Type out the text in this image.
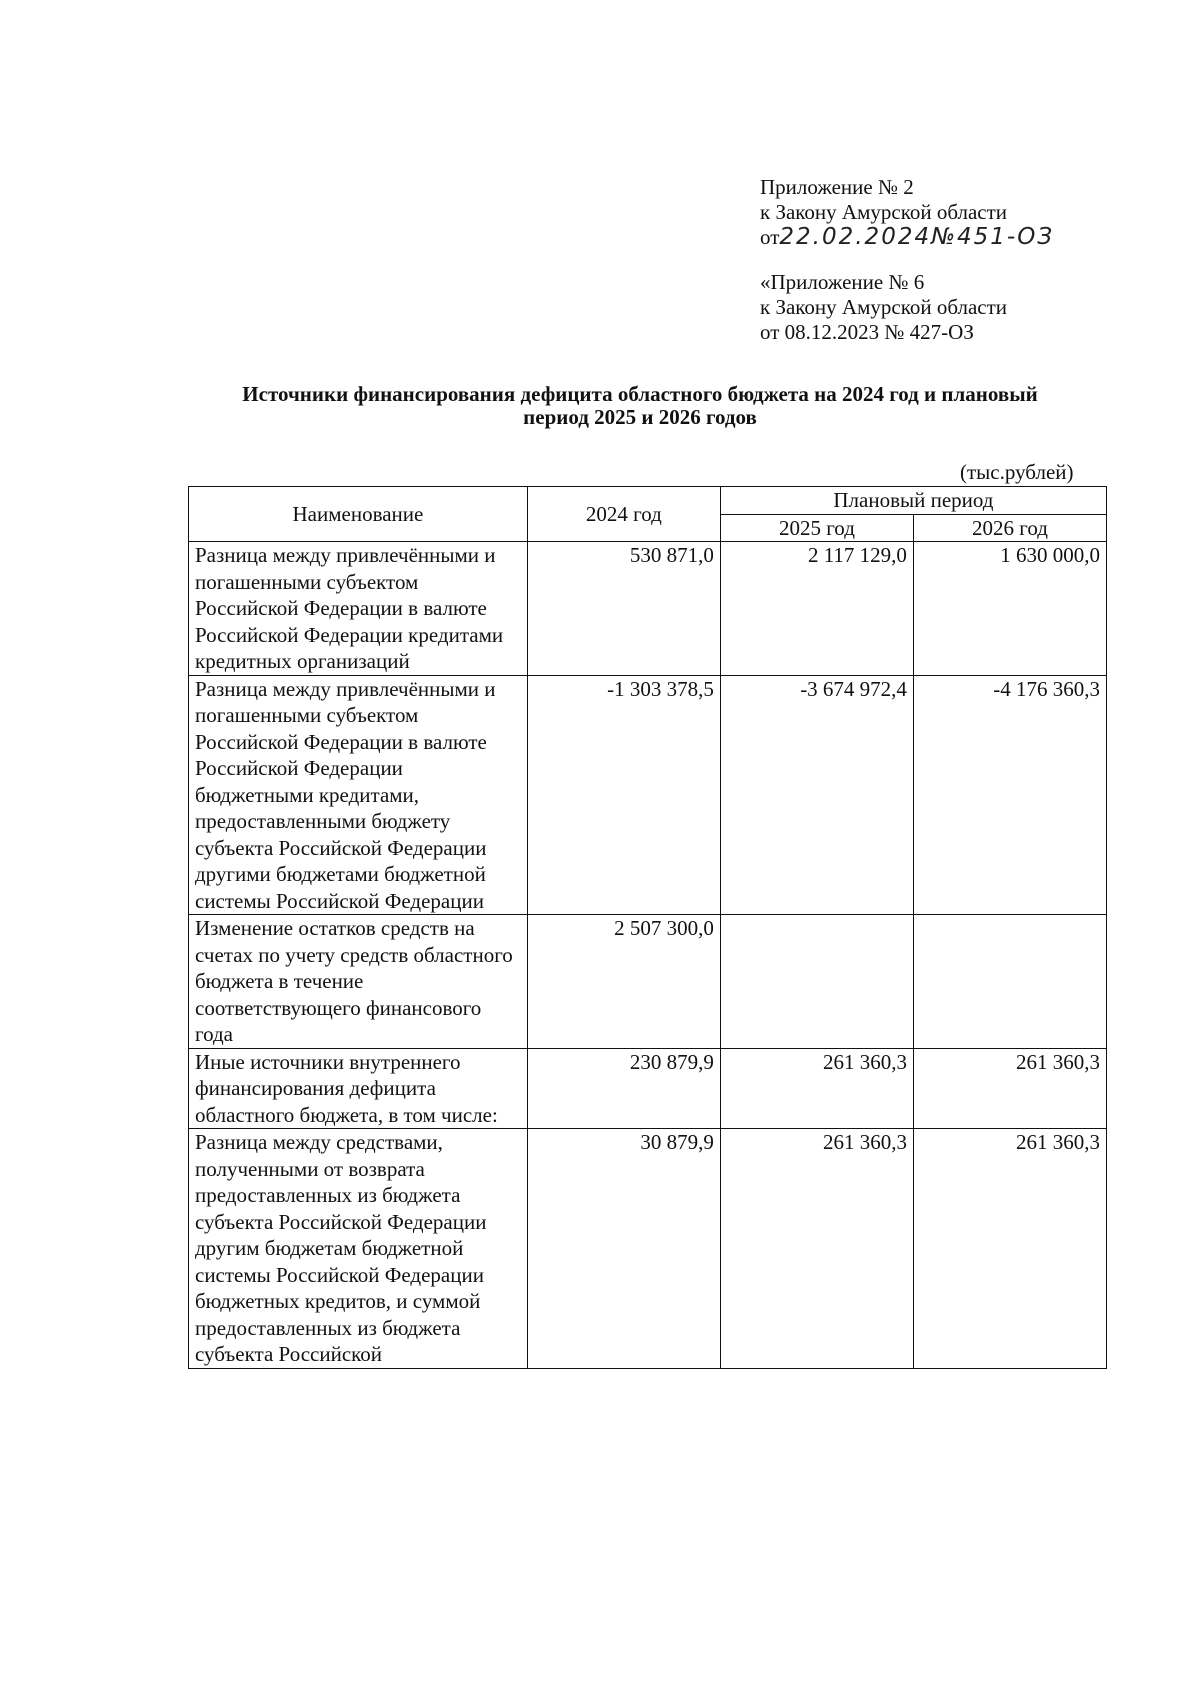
Приложение № 2
к Закону Амурской области
от22.02.2024№451-ОЗ
«Приложение № 6
к Закону Амурской области
от 08.12.2023 № 427-ОЗ
Источники финансирования дефицита областного бюджета на 2024 год и плановый
период 2025 и 2026 годов
(тыс.рублей)
Наименование	2024 год	Плановый период	
		2025 год	2026 год
Разница между привлечёнными и погашенными субъектом Российской Федерации в валюте Российской Федерации кредитами кредитных организаций	530 871,0	2 117 129,0	1 630 000,0
Разница между привлечёнными и погашенными субъектом Российской Федерации в валюте Российской Федерации бюджетными кредитами, предоставленными бюджету субъекта Российской Федерации другими бюджетами бюджетной системы Российской Федерации	-1 303 378,5	-3 674 972,4	-4 176 360,3
Изменение остатков средств на счетах по учету средств областного бюджета в течение соответствующего финансового года	2 507 300,0		
Иные источники внутреннего финансирования дефицита областного бюджета, в том числе:	230 879,9	261 360,3	261 360,3

Разница между средствами, полученными от возврата предоставленных из бюджета субъекта Российской Федерации другим бюджетам бюджетной системы Российской Федерации бюджетных кредитов, и суммой предоставленных из бюджета субъекта Российской	30 879,9	261 360,3	261 360,3
